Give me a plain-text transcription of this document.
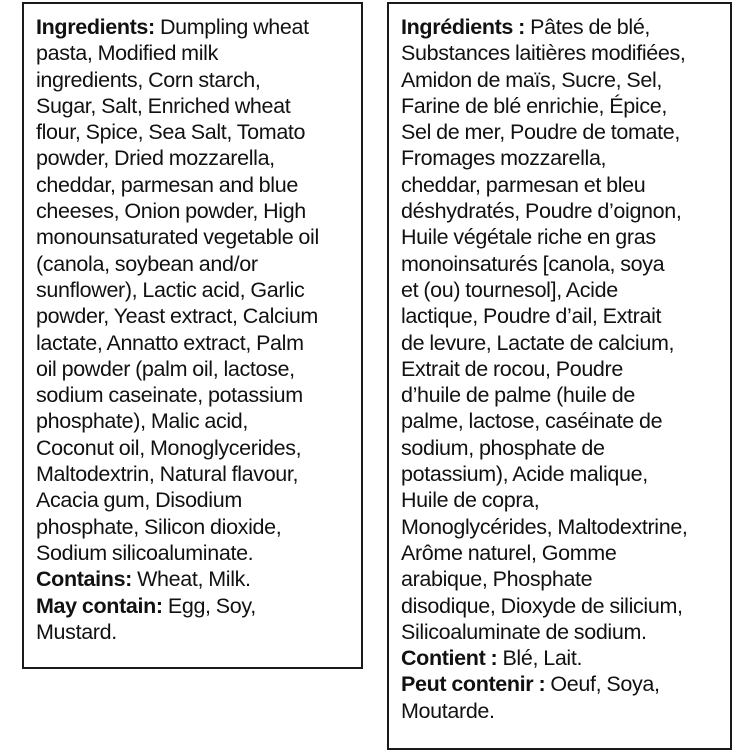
Ingredients: Dumpling wheat
pasta, Modified milk
ingredients, Corn starch,
Sugar, Salt, Enriched wheat
flour, Spice, Sea Salt, Tomato
powder, Dried mozzarella,
cheddar, parmesan and blue
cheeses, Onion powder, High
monounsaturated vegetable oil
(canola, soybean and/or
sunflower), Lactic acid, Garlic
powder, Yeast extract, Calcium
lactate, Annatto extract, Palm
oil powder (palm oil, lactose,
sodium caseinate, potassium
phosphate), Malic acid,
Coconut oil, Monoglycerides,
Maltodextrin, Natural flavour,
Acacia gum, Disodium
phosphate, Silicon dioxide,
Sodium silicoaluminate.
Contains: Wheat, Milk.
May contain: Egg, Soy,
Mustard.
Ingrédients : Pâtes de blé,
Substances laitières modifiées,
Amidon de maïs, Sucre, Sel,
Farine de blé enrichie, Épice,
Sel de mer, Poudre de tomate,
Fromages mozzarella,
cheddar, parmesan et bleu
déshydratés, Poudre d’oignon,
Huile végétale riche en gras
monoinsaturés [canola, soya
et (ou) tournesol], Acide
lactique, Poudre d’ail, Extrait
de levure, Lactate de calcium,
Extrait de rocou, Poudre
d’huile de palme (huile de
palme, lactose, caséinate de
sodium, phosphate de
potassium), Acide malique,
Huile de copra,
Monoglycérides, Maltodextrine,
Arôme naturel, Gomme
arabique, Phosphate
disodique, Dioxyde de silicium,
Silicoaluminate de sodium.
Contient : Blé, Lait.
Peut contenir : Oeuf, Soya,
Moutarde.
